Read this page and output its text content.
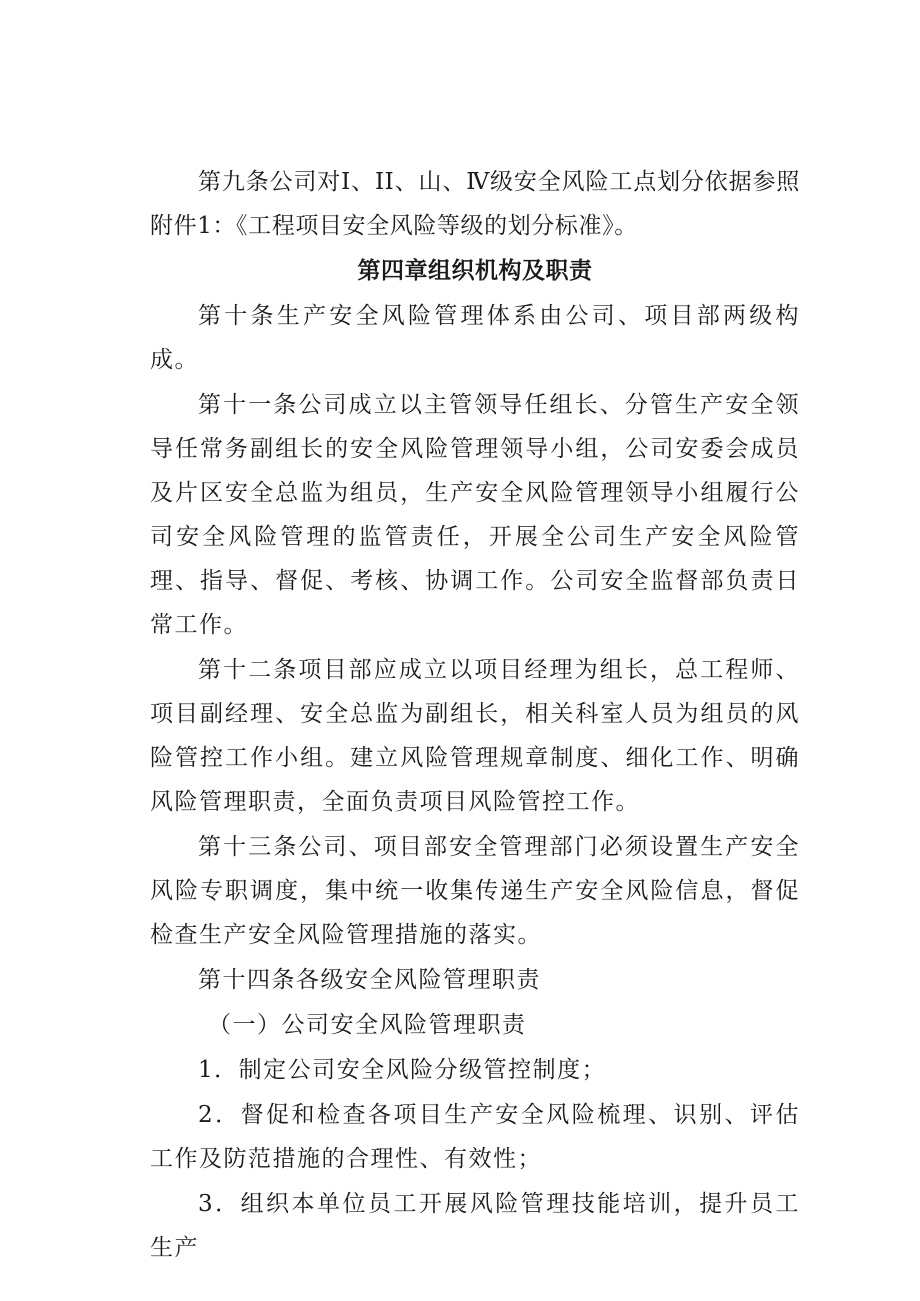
第九条公司对Ⅰ、II、山、Ⅳ级安全风险工点划分依据参照附件1：《工程项目安全风险等级的划分标准》。

第四章组织机构及职责

第十条生产安全风险管理体系由公司、项目部两级构成。

第十一条公司成立以主管领导任组长、分管生产安全领导任常务副组长的安全风险管理领导小组，公司安委会成员及片区安全总监为组员，生产安全风险管理领导小组履行公司安全风险管理的监管责任，开展全公司生产安全风险管理、指导、督促、考核、协调工作。公司安全监督部负责日常工作。

第十二条项目部应成立以项目经理为组长，总工程师、项目副经理、安全总监为副组长，相关科室人员为组员的风险管控工作小组。建立风险管理规章制度、细化工作、明确风险管理职责，全面负责项目风险管控工作。

第十三条公司、项目部安全管理部门必须设置生产安全风险专职调度，集中统一收集传递生产安全风险信息，督促检查生产安全风险管理措施的落实。

第十四条各级安全风险管理职责

（一）公司安全风险管理职责

1．制定公司安全风险分级管控制度；

2．督促和检查各项目生产安全风险梳理、识别、评估工作及防范措施的合理性、有效性；

3．组织本单位员工开展风险管理技能培训，提升员工生产
